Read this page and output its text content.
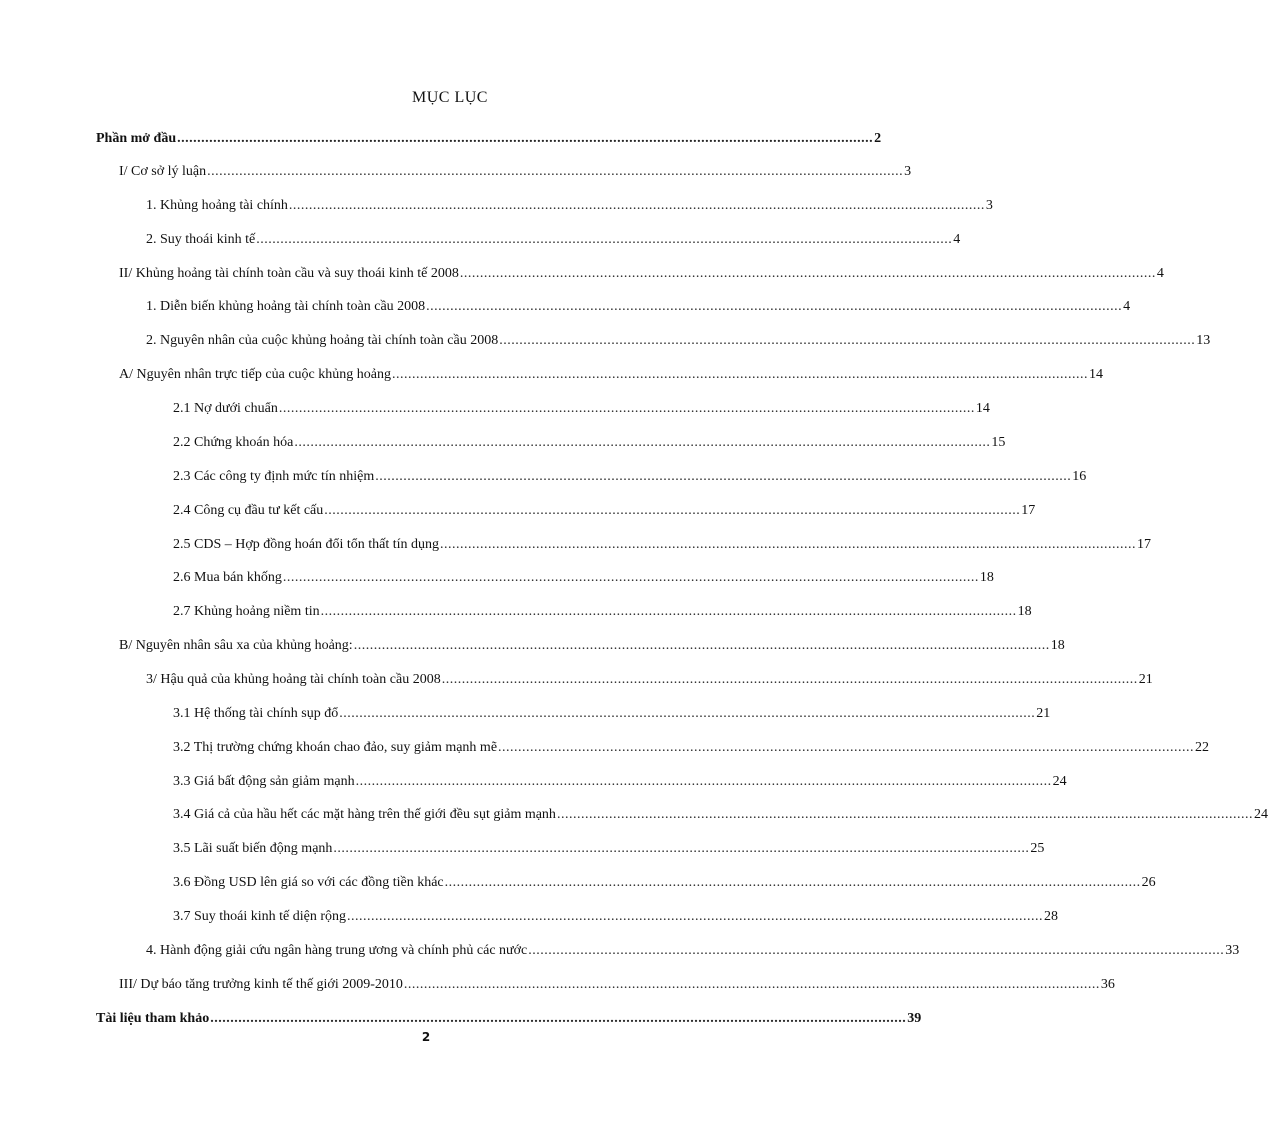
MỤC LỤC
Phần mở đầu .............................................................................................................................................................................. 2
I/ Cơ sở lý luận .............................................................................................................................................................................. 3
1. Khủng hoảng tài chính .............................................................................................................................................................................. 3
2. Suy thoái kinh tế .............................................................................................................................................................................. 4
II/ Khủng hoảng tài chính toàn cầu và suy thoái kinh tế 2008 .............................................................................................................................................................................. 4
1. Diễn biến khủng hoảng tài chính toàn cầu 2008 .............................................................................................................................................................................. 4
2. Nguyên nhân của cuộc khủng hoảng tài chính toàn cầu 2008 .............................................................................................................................................................................. 13
A/ Nguyên nhân trực tiếp của cuộc khủng hoảng .............................................................................................................................................................................. 14
2.1 Nợ dưới chuẩn .............................................................................................................................................................................. 14
2.2 Chứng khoán hóa .............................................................................................................................................................................. 15
2.3 Các công ty định mức tín nhiệm .............................................................................................................................................................................. 16
2.4 Công cụ đầu tư kết cấu .............................................................................................................................................................................. 17
2.5 CDS – Hợp đồng hoán đổi tổn thất tín dụng .............................................................................................................................................................................. 17
2.6 Mua bán khống .............................................................................................................................................................................. 18
2.7 Khủng hoảng niềm tin .............................................................................................................................................................................. 18
B/ Nguyên nhân sâu xa của khủng hoảng: .............................................................................................................................................................................. 18
3/ Hậu quả của khủng hoảng tài chính toàn cầu 2008 .............................................................................................................................................................................. 21
3.1 Hệ thống tài chính sụp đổ .............................................................................................................................................................................. 21
3.2 Thị trường chứng khoán chao đảo, suy giảm mạnh mẽ .............................................................................................................................................................................. 22
3.3 Giá bất động sản giảm mạnh .............................................................................................................................................................................. 24
3.4 Giá cả của hầu hết các mặt hàng trên thế giới đều sụt giảm mạnh .............................................................................................................................................................................. 24
3.5 Lãi suất biến động mạnh .............................................................................................................................................................................. 25
3.6 Đồng USD lên giá so với các đồng tiền khác .............................................................................................................................................................................. 26
3.7 Suy thoái kinh tế diện rộng .............................................................................................................................................................................. 28
4. Hành động giải cứu ngân hàng trung ương và chính phủ các nước .............................................................................................................................................................................. 33
III/ Dự báo tăng trưởng kinh tế thế giới 2009-2010 .............................................................................................................................................................................. 36
Tài liệu tham khảo .............................................................................................................................................................................. 39
2
